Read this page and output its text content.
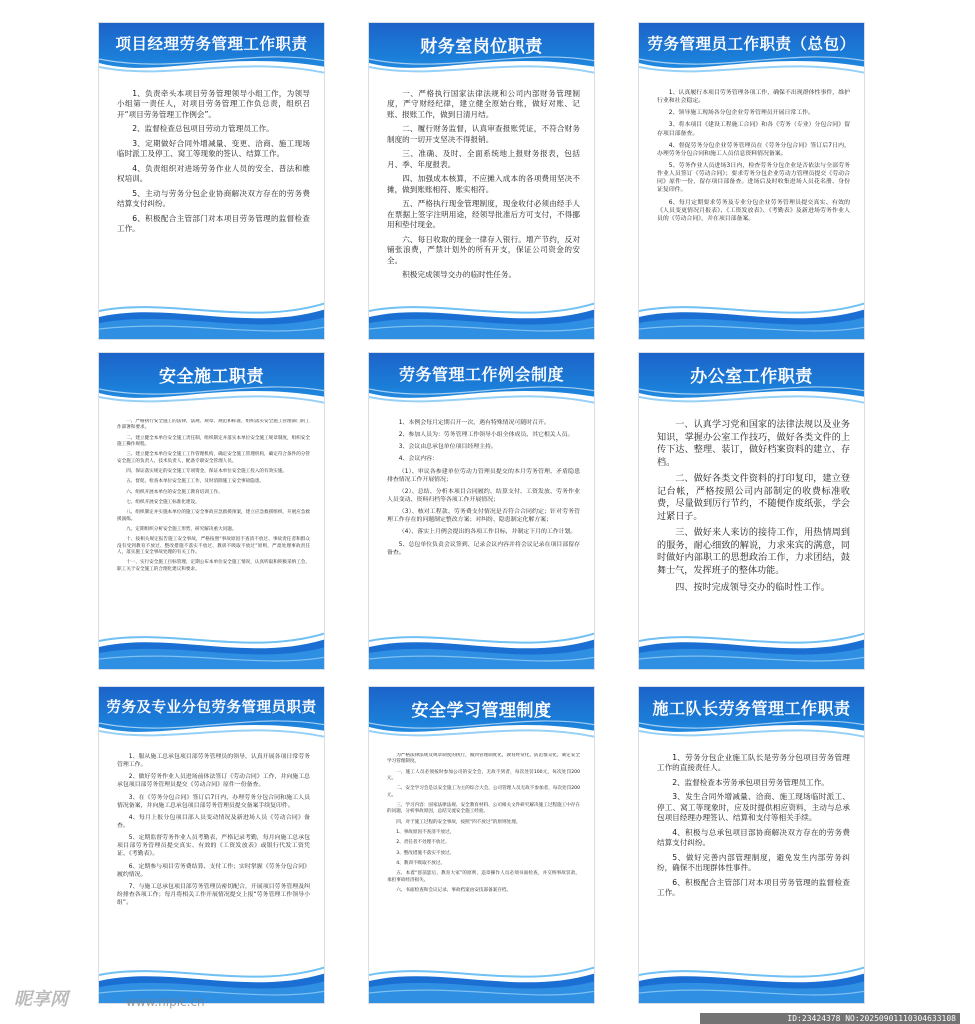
项目经理劳务管理工作职责

1、负责牵头本项目劳务管理领导小组工作，为领导小组第一责任人，对项目劳务管理工作负总责，组织召开“项目劳务管理工作例会”。

2、监督检查总包项目劳动力管理员工作。

3、定期做好合同外增减量、变更、洽商、施工现场临时派工及停工、窝工等现象的签认、结算工作。

4、负责组织对进场劳务作业人员的安全、普法和维权培训。

5、主动与劳务分包企业协商解决双方存在的劳务费结算支付纠纷。

6、积极配合主管部门对本项目劳务管理的监督检查工作。

财务室岗位职责

一、严格执行国家法律法规和公司内部财务管理制度，严守财经纪律，建立健全原始台账，做好对账、记账、报账工作，做到日清月结。

二、履行财务监督，认真审查报账凭证，不符合财务制度的一切开支坚决不得报销。

三、准确、及时、全面系统地上报财务报表，包括月、季、年度报表。

四、加强成本核算，不应摊入成本的各项费用坚决不摊，做到账账相符、账实相符。

五、严格执行现金管理制度，现金收付必须由经手人在票据上签字注明用途，经领导批准后方可支付，不得挪用和垫付现金。

六、每日收取的现金一律存入银行。增产节约，反对铺张浪费，严禁计划外的所有开支，保证公司资金的安全。

积极完成领导交办的临时性任务。

劳务管理员工作职责（总包）

1、认真履行本项目劳务管理各项工作，确保不出现群体性事件，维护行业和社会稳定。

2、领导施工现场各分包企业劳务管理员开展日常工作。

3、将本项目《建设工程施工合同》和各《劳务（专业）分包合同》留存项目部备查。

4、督促劳务分包企业劳务管理员在《劳务分包合同》签订后7日内，办理劳务分包合同和施工人员信息资料情况备案。

5、劳务作业人员进场3日内，检查劳务分包企业是否依法与全部劳务作业人员签订《劳动合同》；要求劳务分包企业劳动力管理员提交《劳动合同》原件一份，留存项目部备查。进场后及时收集进场人员花名册、身份证复印件。

6、每月定期要求劳务及专业分包企业劳务管理员提交真实、有效的《人员变更情况月报表》、《工资发放表》、《考勤表》及新进场劳务作业人员的《劳动合同》，并在项目部备案。

安全施工职责

一、严格执行安全施工的法律、法规、规章、规范和标准，组织落实安全施工管理部门的工作部署和要求。

二、建立健全本单位安全施工责任制，组织制定并落实本单位安全施工规章制度，组织安全施工操作规程。

三、建立健全本单位安全施工工作管理机构，确定安全施工管理机构，确定符合条件的分管安全施工的负责人、技术负责人，配备专职安全管理人员。

四、保证落实规定的安全施工专项资金，保证本单位安全施工投入的有效实施。

五、督促、检查本单位安全施工工作，及时消除施工安全事故隐患。

六、组织开展本单位的安全施工教育培训工作。

七、组织开展安全施工标准化建设。

八、组织制定并实施本单位的施工安全事故应急救援预案，建立应急救援组织，开展应急救援演练。

九、定期组织分析安全施工形势，研究解决重大问题。

十、按相关规定报告施工安全事故，严格按照“事故原因不查清不放过、事故责任者和群众没有受到教育不放过、整改措施不落实不放过、教训不吸取不放过”原则，严肃处理事故责任人，落实施工安全事故处理的有关工作。

十一、实行安全施工目标管理，定期公布本单位安全施工情况，认真听取和积极采纳工会、职工关于安全施工的合理化建议和要求。

劳务管理工作例会制度

1、本例会每月定期召开一次，遇有特殊情况可随时召开。

2、参加人员为：劳务管理工作领导小组全体成员、其它相关人员。

3、会议由总承包单位项目经理主持。

4、会议内容：

（1）、审议各参建单位劳动力管理员提交的本月劳务管理、矛盾隐患排查情况工作开展情况；

（2）、总结、分析本项目合同履约、结算支付、工资发放、劳务作业人员变动、资料归档等各项工作开展情况；

（3）、核对工程款、劳务费支付情况是否符合合同约定；针对劳务管理工作存在的问题制定整改方案；对纠纷、隐患制定化解方案；

（4）、落实上月例会提出的各项工作目标，并制定下月的工作计划。

5、总包单位负责会议签到、记录会议内容并将会议记录在项目部留存备查。

办公室工作职责

一、认真学习党和国家的法律法规以及业务知识，掌握办公室工作技巧，做好各类文件的上传下达、整理、装订，做好档案资料的建立、存档。

二、做好各类文件资料的打印复印，建立登记台帐，严格按照公司内部制定的收费标准收费，尽量做到厉行节约，不随便作废纸张，学会过紧日子。

三、做好来人来访的接待工作，用热情周到的服务，耐心细致的解说，力求来宾的满意，同时做好内部职工的思想政治工作，力求团结，鼓舞士气，发挥班子的整体功能。

四、按时完成领导交办的临时性工作。

劳务及专业分包劳务管理员职责

1、服从施工总承包项目部劳务管理员的领导，认真开展各项日常劳务管理工作。

2、做好劳务作业人员进场前体法签订《劳动合同》工作，并向施工总承包项目部劳务管理员提交《劳动合同》原件一份备查。

3、在《劳务分包合同》签订后7日内，办理劳务分包合同和施工人员情况备案，并向施工总承包项目部劳务管理员提交备案手续复印件。

4、每月上报分包项目部人员变动情况及新进场人员《劳动合同》备查。

5、定期监督劳务作业人员考勤表，严格记录考勤，每月向施工总承包项目部劳务管理员提交真实、有效的《工资发放表》或银行代发工资凭证、《考勤表》。

6、定期参与项目劳务费结算、支付工作；实时掌握《劳务分包合同》履约情况。

7、与施工总承包项目部劳务管理员密切配合，开展项目劳务管理及纠纷排查各项工作；每月将相关工作开展情况提交上报“劳务管理工作领导小组”。

安全学习管理制度

为严格法律法规及规章制度的执行，做到管理制度化，教育经常化，防范群众化，制定安全学习管理制度。

一、施工人员必须按时参加公司的安全会，无故不到者，每次处罚100元，每次处罚200元。

二、安全学习会是以安全施工为主的综合大会，公司管理人员无故不参加者，每次处罚200元。

三、学习内容：国家法律法规、安全教育材料、公司相关文件研究解决施工过程施工中存在的问题，分析事故原因，总结交流安全施工经验。

四、对于施工过程的安全事故，按照“四不放过”的原则处理。

1、事故原因不查清不放过。

2、责任者不处理不放过。

3、整改措施不落实不放过。

4、教训不吸取不放过。

五、本着“惩前毖后，教育大家”的原则，违章操作人员必须书面检查，并交纳事故罚款，承担事故经济损失。

六、书面检查和会议记录、事故档案由安技部备案存档。

施工队长劳务管理工作职责

1、劳务分包企业施工队长是劳务分包项目劳务管理工作的直接责任人。

2、监督检查本劳务承包项目劳务管理员工作。

3、发生合同外增减量、洽商、施工现场临时派工、停工、窝工等现象时，应及时提供相应资料，主动与总承包项目经理办理签认、结算和支付等相关手续。

4、积极与总承包项目部协商解决双方存在的劳务费结算支付纠纷。

5、做好完善内部管理制度，避免发生内部劳务纠纷，确保不出现群体性事件。

6、积极配合主管部门对本项目劳务管理的监督检查工作。

昵享网	www.nipic.cn
ID:23424378 NO:20250901110304633108
